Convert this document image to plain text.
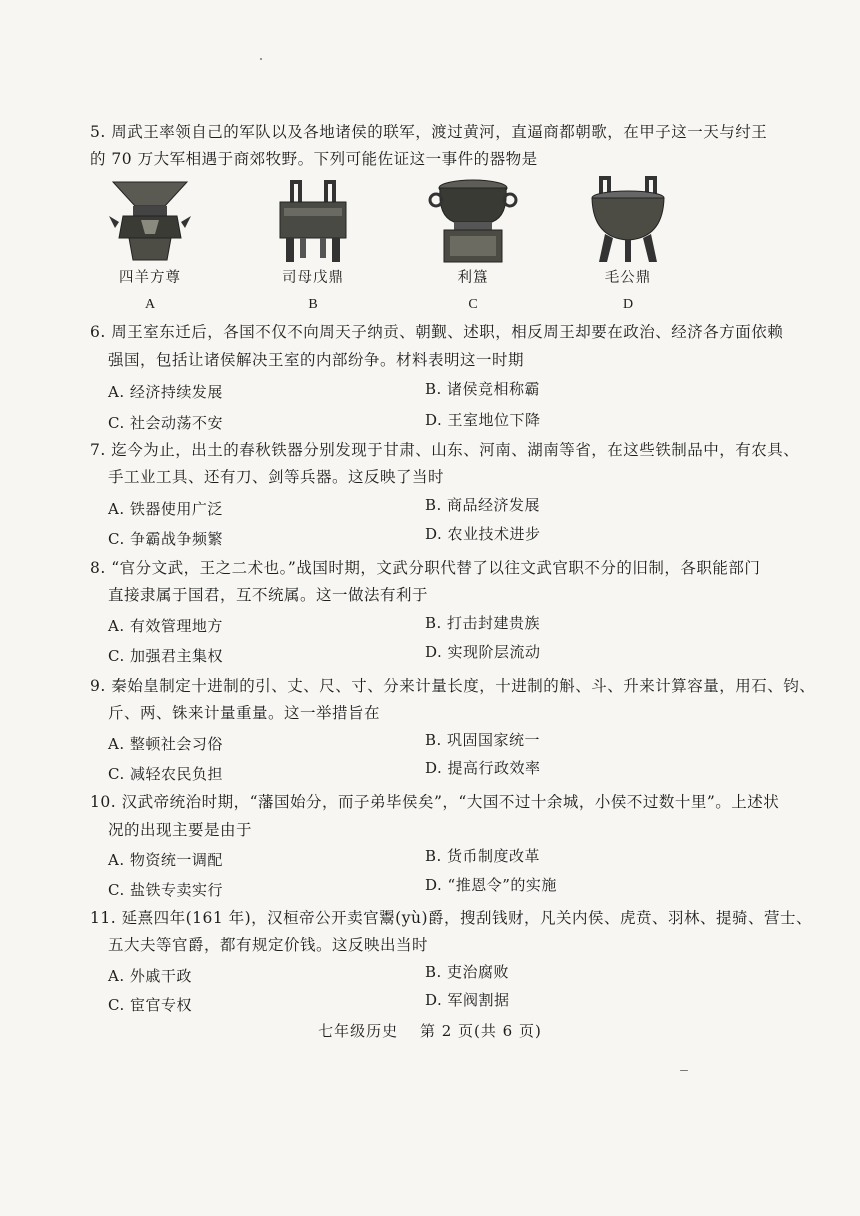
5. 周武王率领自己的军队以及各地诸侯的联军，渡过黄河，直逼商都朝歌，在甲子这一天与纣王
的 70 万大军相遇于商郊牧野。下列可能佐证这一事件的器物是
四羊方尊
A
司母戊鼎
B
利簋
C
毛公鼎
D
6. 周王室东迁后，各国不仅不向周天子纳贡、朝觐、述职，相反周王却要在政治、经济各方面依赖
强国，包括让诸侯解决王室的内部纷争。材料表明这一时期
A. 经济持续发展	B. 诸侯竞相称霸
C. 社会动荡不安	D. 王室地位下降
7. 迄今为止，出土的春秋铁器分别发现于甘肃、山东、河南、湖南等省，在这些铁制品中，有农具、
手工业工具、还有刀、剑等兵器。这反映了当时
A. 铁器使用广泛	B. 商品经济发展
C. 争霸战争频繁	D. 农业技术进步
8. “官分文武，王之二术也。”战国时期，文武分职代替了以往文武官职不分的旧制，各职能部门
直接隶属于国君，互不统属。这一做法有利于
A. 有效管理地方	B. 打击封建贵族
C. 加强君主集权	D. 实现阶层流动
9. 秦始皇制定十进制的引、丈、尺、寸、分来计量长度，十进制的斛、斗、升来计算容量，用石、钧、
斤、两、铢来计量重量。这一举措旨在
A. 整顿社会习俗	B. 巩固国家统一
C. 减轻农民负担	D. 提高行政效率
10. 汉武帝统治时期，“藩国始分，而子弟毕侯矣”，“大国不过十余城，小侯不过数十里”。上述状
况的出现主要是由于
A. 物资统一调配	B. 货币制度改革
C. 盐铁专卖实行	D. “推恩令”的实施
11. 延熹四年(161 年)，汉桓帝公开卖官鬻(yù)爵，搜刮钱财，凡关内侯、虎贲、羽林、提骑、营士、
五大夫等官爵，都有规定价钱。这反映出当时
A. 外戚干政	B. 吏治腐败
C. 宦官专权	D. 军阀割据
七年级历史　 第 2 页(共 6 页)
